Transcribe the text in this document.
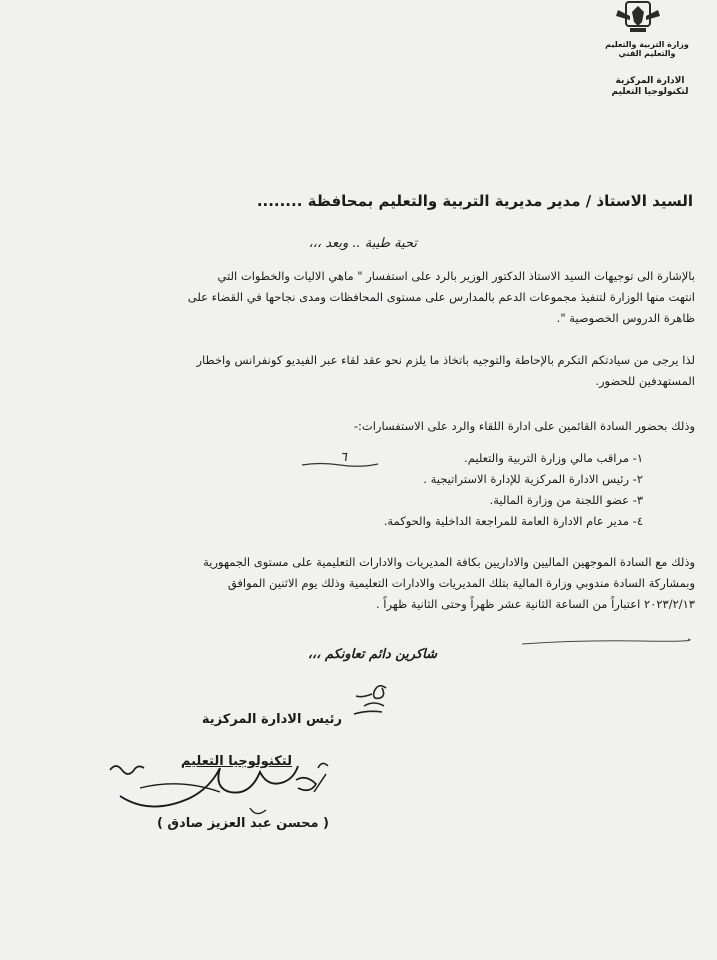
وزارة التربية والتعليم
والتعليم الفني
الادارة المركزية
لتكنولوجيا التعليم
السيد الاستاذ / مدير مديرية التربية والتعليم بمحافظة ........
تحية طيبة .. وبعد ،،،
بالإشارة الى توجيهات السيد الاستاذ الدكتور الوزير بالرد على استفسار " ماهي الاليات والخطوات التي
انتهت منها الوزارة لتنفيذ مجموعات الدعم بالمدارس على مستوى المحافظات ومدى نجاحها في القضاء على
ظاهرة الدروس الخصوصية ".
لذا يرجى من سيادتكم التكرم بالإحاطة والتوجيه باتخاذ ما يلزم نحو عقد لقاء عبر الفيديو كونفرانس واخطار
المستهدفين للحضور.
وذلك بحضور السادة القائمين على ادارة اللقاء والرد على الاستفسارات:-
٦	١- مراقب مالي وزارة التربية والتعليم.
٢- رئيس الادارة المركزية للإدارة الاستراتيجية .
٣- عضو اللجنة من وزارة المالية.
٤- مدير عام الادارة العامة للمراجعة الداخلية والحوكمة.
وذلك مع السادة الموجهين الماليين والاداريين بكافة المديريات والادارات التعليمية على مستوى الجمهورية
وبمشاركة السادة مندوبي وزارة المالية بتلك المديريات والادارات التعليمية وذلك يوم الاثنين الموافق
٢٠٢٣/٢/١٣ اعتباراً من الساعة الثانية عشر ظهراً وحتى الثانية ظهراً .
شاكرين دائم تعاونكم ،،،
رئيس الادارة المركزية
لتكنولوجيا التعليم
( محسن عبد العزيز صادق )
